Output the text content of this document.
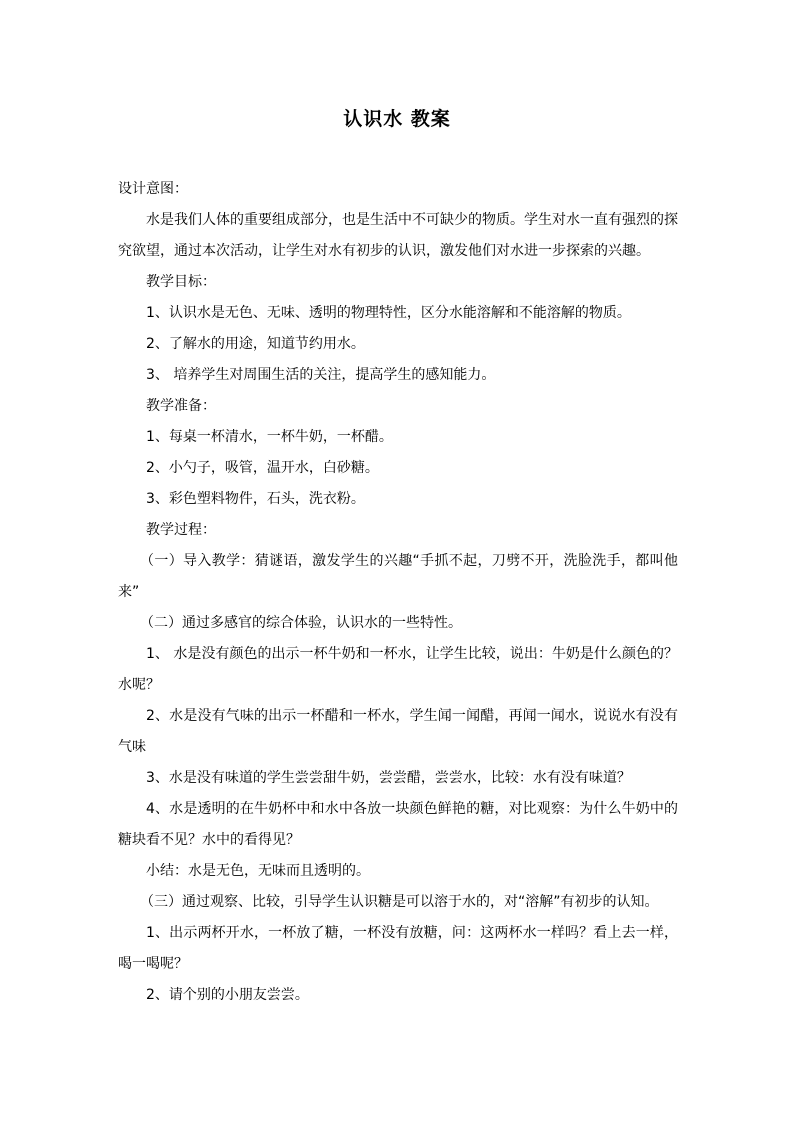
认识水 教案

设计意图：

水是我们人体的重要组成部分，也是生活中不可缺少的物质。学生对水一直有强烈的探究欲望，通过本次活动，让学生对水有初步的认识，激发他们对水进一步探索的兴趣。

教学目标：

1、认识水是无色、无味、透明的物理特性，区分水能溶解和不能溶解的物质。

2、了解水的用途，知道节约用水。

3、 培养学生对周围生活的关注，提高学生的感知能力。

教学准备：

1、每桌一杯清水，一杯牛奶，一杯醋。

2、小勺子，吸管，温开水，白砂糖。

3、彩色塑料物件，石头，洗衣粉。

教学过程：

（一）导入教学：猜谜语，激发学生的兴趣“手抓不起，刀劈不开，洗脸洗手，都叫他来”

（二）通过多感官的综合体验，认识水的一些特性。

1、 水是没有颜色的出示一杯牛奶和一杯水，让学生比较，说出：牛奶是什么颜色的？水呢？

2、水是没有气味的出示一杯醋和一杯水，学生闻一闻醋，再闻一闻水，说说水有没有气味

3、水是没有味道的学生尝尝甜牛奶，尝尝醋，尝尝水，比较：水有没有味道？

4、水是透明的在牛奶杯中和水中各放一块颜色鲜艳的糖，对比观察：为什么牛奶中的糖块看不见？水中的看得见？

小结：水是无色，无味而且透明的。

（三）通过观察、比较，引导学生认识糖是可以溶于水的，对“溶解”有初步的认知。

1、出示两杯开水，一杯放了糖，一杯没有放糖，问：这两杯水一样吗？看上去一样，喝一喝呢？

2、请个别的小朋友尝尝。
